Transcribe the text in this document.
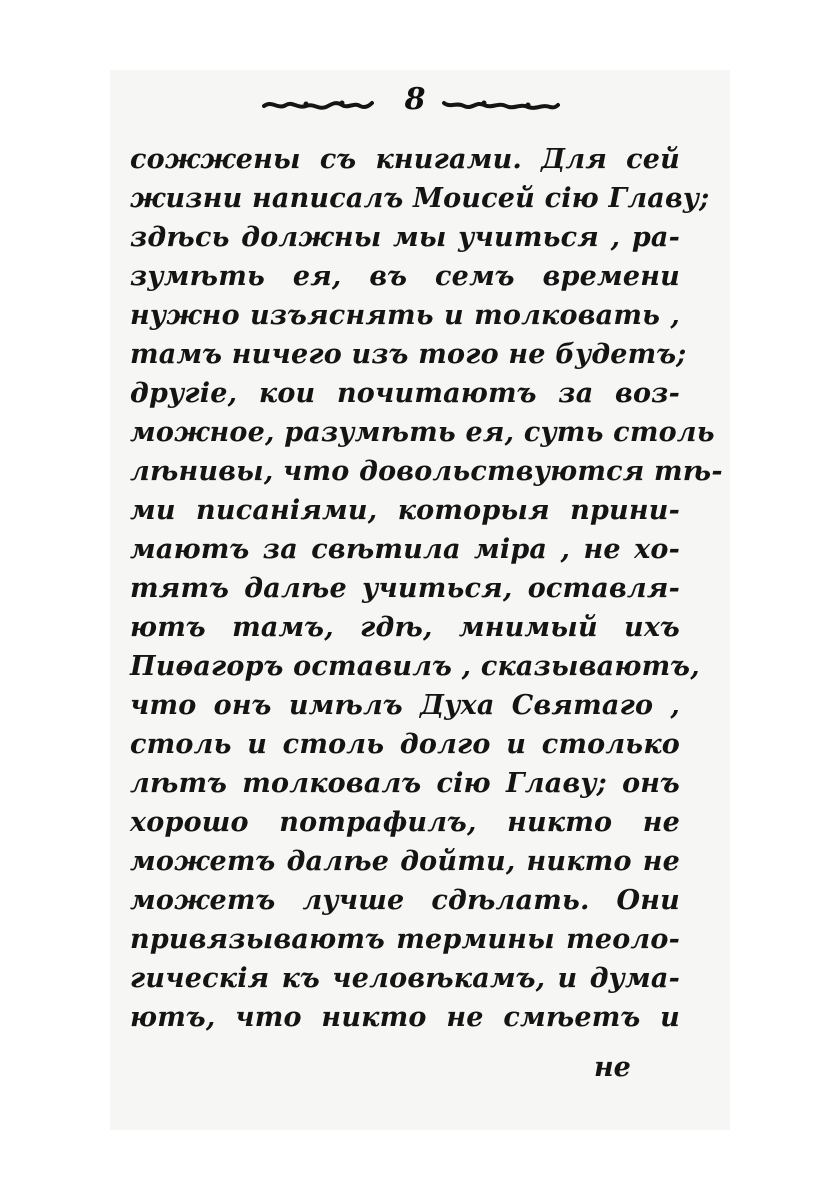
8
сожжены съ книгами. Для сей
жизни написалъ Моисей сію Главу;
здѣсь должны мы учиться , ра-
зумѣть ея, въ семъ времени
нужно изъяснять и толковать ,
тамъ ничего изъ того не будетъ;
другіе, кои почитаютъ за воз-
можное, разумѣть ея, суть столь
лѣнивы, что довольствуются тѣ-
ми писаніями, которыя прини-
маютъ за свѣтила міра , не хо-
тятъ далѣе учиться, оставля-
ютъ тамъ, гдѣ, мнимый ихъ
Пиѳагоръ оставилъ , сказываютъ,
что онъ имѣлъ Духа Святаго ,
столь и столь долго и столько
лѣтъ толковалъ сію Главу; онъ
хорошо потрафилъ, никто не
можетъ далѣе дойти, никто не
можетъ лучше сдѣлать. Они
привязываютъ термины теоло-
гическія къ человѣкамъ, и дума-
ютъ, что никто не смѣетъ и
не
